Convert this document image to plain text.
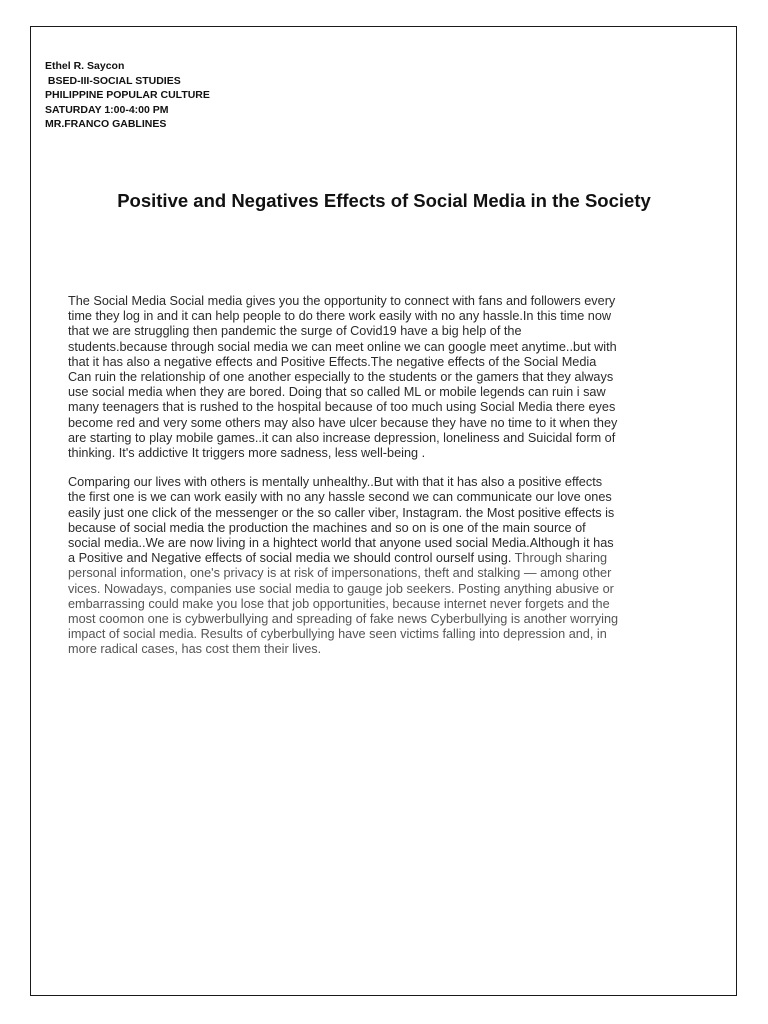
Ethel R. Saycon
BSED-III-SOCIAL STUDIES
PHILIPPINE POPULAR CULTURE
SATURDAY 1:00-4:00 PM
MR.FRANCO GABLINES
Positive and Negatives Effects of Social Media in the Society

The Social Media Social media gives you the opportunity to connect with fans and followers every
time they log in and it can help people to do there work easily with no any hassle.In this time now
that we are struggling then pandemic the surge of Covid19 have a big help of the
students.because through social media we can meet online we can google meet anytime..but with
that it has also a negative effects and Positive Effects.The negative effects of the Social Media
Can ruin the relationship of one another especially to the students or the gamers that they always
use social media when they are bored. Doing that so called ML or mobile legends can ruin i saw
many teenagers that is rushed to the hospital because of too much using Social Media there eyes
become red and very some others may also have ulcer because they have no time to it when they
are starting to play mobile games..it can also increase depression, loneliness and Suicidal form of
thinking. It's addictive It triggers more sadness, less well-being .

Comparing our lives with others is mentally unhealthy..But with that it has also a positive effects
the first one is we can work easily with no any hassle second we can communicate our love ones
easily just one click of the messenger or the so caller viber, Instagram. the Most positive effects is
because of social media the production the machines and so on is one of the main source of
social media..We are now living in a hightect world that anyone used social Media.Although it has
a Positive and Negative effects of social media we should control ourself using. Through sharing
personal information, one's privacy is at risk of impersonations, theft and stalking — among other
vices. Nowadays, companies use social media to gauge job seekers. Posting anything abusive or
embarrassing could make you lose that job opportunities, because internet never forgets and the
most coomon one is cybwerbullying and spreading of fake news Cyberbullying is another worrying
impact of social media. Results of cyberbullying have seen victims falling into depression and, in
more radical cases, has cost them their lives.
